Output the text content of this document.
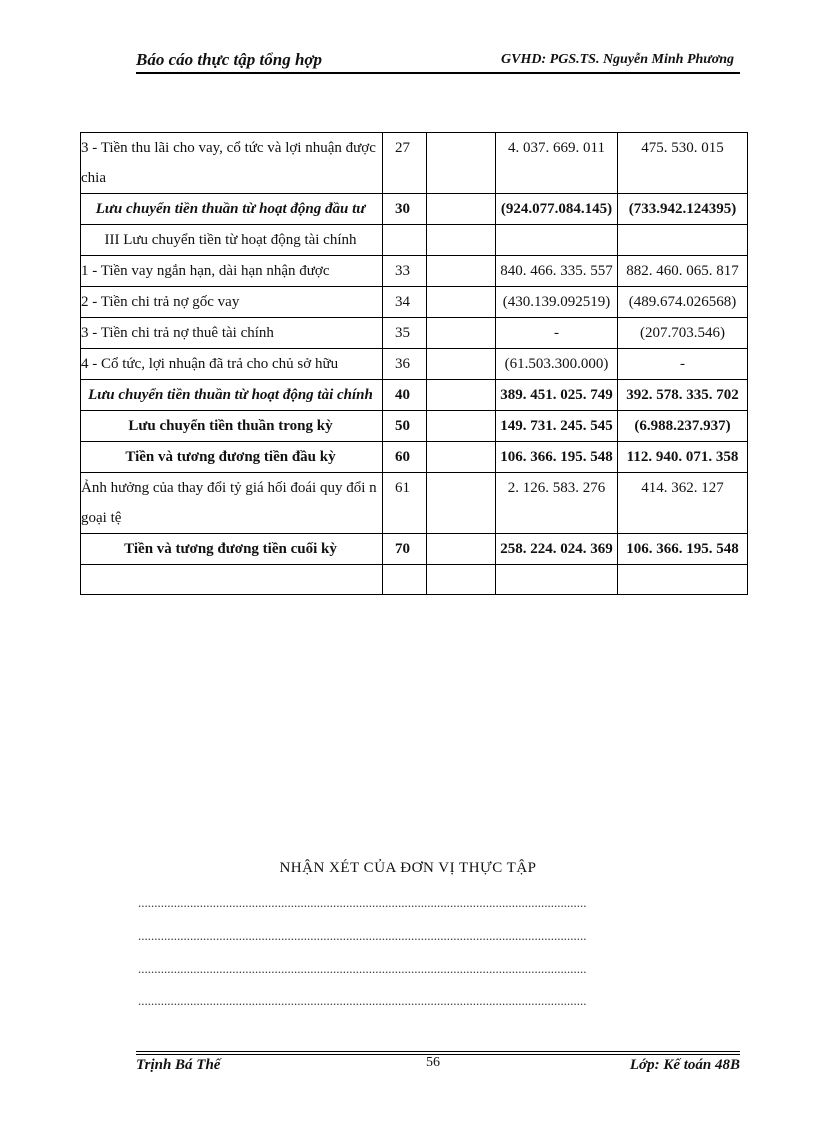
Báo cáo thực tập tổng hợp	GVHD: PGS.TS. Nguyễn Minh Phương
3 - Tiền thu lãi cho vay, cổ tức và lợi nhuận được chia	27		4. 037. 669. 011	475. 530. 015
Lưu chuyển tiền thuần từ hoạt động đầu tư	30		(924.077.084.145)	(733.942.124395)
III Lưu chuyển tiền từ hoạt động tài chính				
1 - Tiền vay ngắn hạn, dài hạn nhận được	33		840. 466. 335. 557	882. 460. 065. 817
2 - Tiền chi trả nợ gốc vay	34		(430.139.092519)	(489.674.026568)
3 - Tiền chi trả nợ thuê tài chính	35		-	(207.703.546)
4 - Cổ tức, lợi nhuận đã trả cho chủ sở hữu	36		(61.503.300.000)	-
Lưu chuyển tiền thuần từ hoạt động tài chính	40		389. 451. 025. 749	392. 578. 335. 702
Lưu chuyển tiền thuần trong kỳ	50		149. 731. 245. 545	(6.988.237.937)
Tiền và tương đương tiền đầu kỳ	60		106. 366. 195. 548	112. 940. 071. 358
Ảnh hưởng của thay đổi tỷ giá hối đoái quy đổi ngoại tệ	61		2. 126. 583. 276	414. 362. 127
Tiền và tương đương tiền cuối kỳ	70		258. 224. 024. 369	106. 366. 195. 548

NHẬN XÉT CỦA ĐƠN VỊ THỰC TẬP
..........................................................................................................................................
..........................................................................................................................................
..........................................................................................................................................
..........................................................................................................................................
Trịnh Bá Thế	56	Lớp: Kế toán 48B
